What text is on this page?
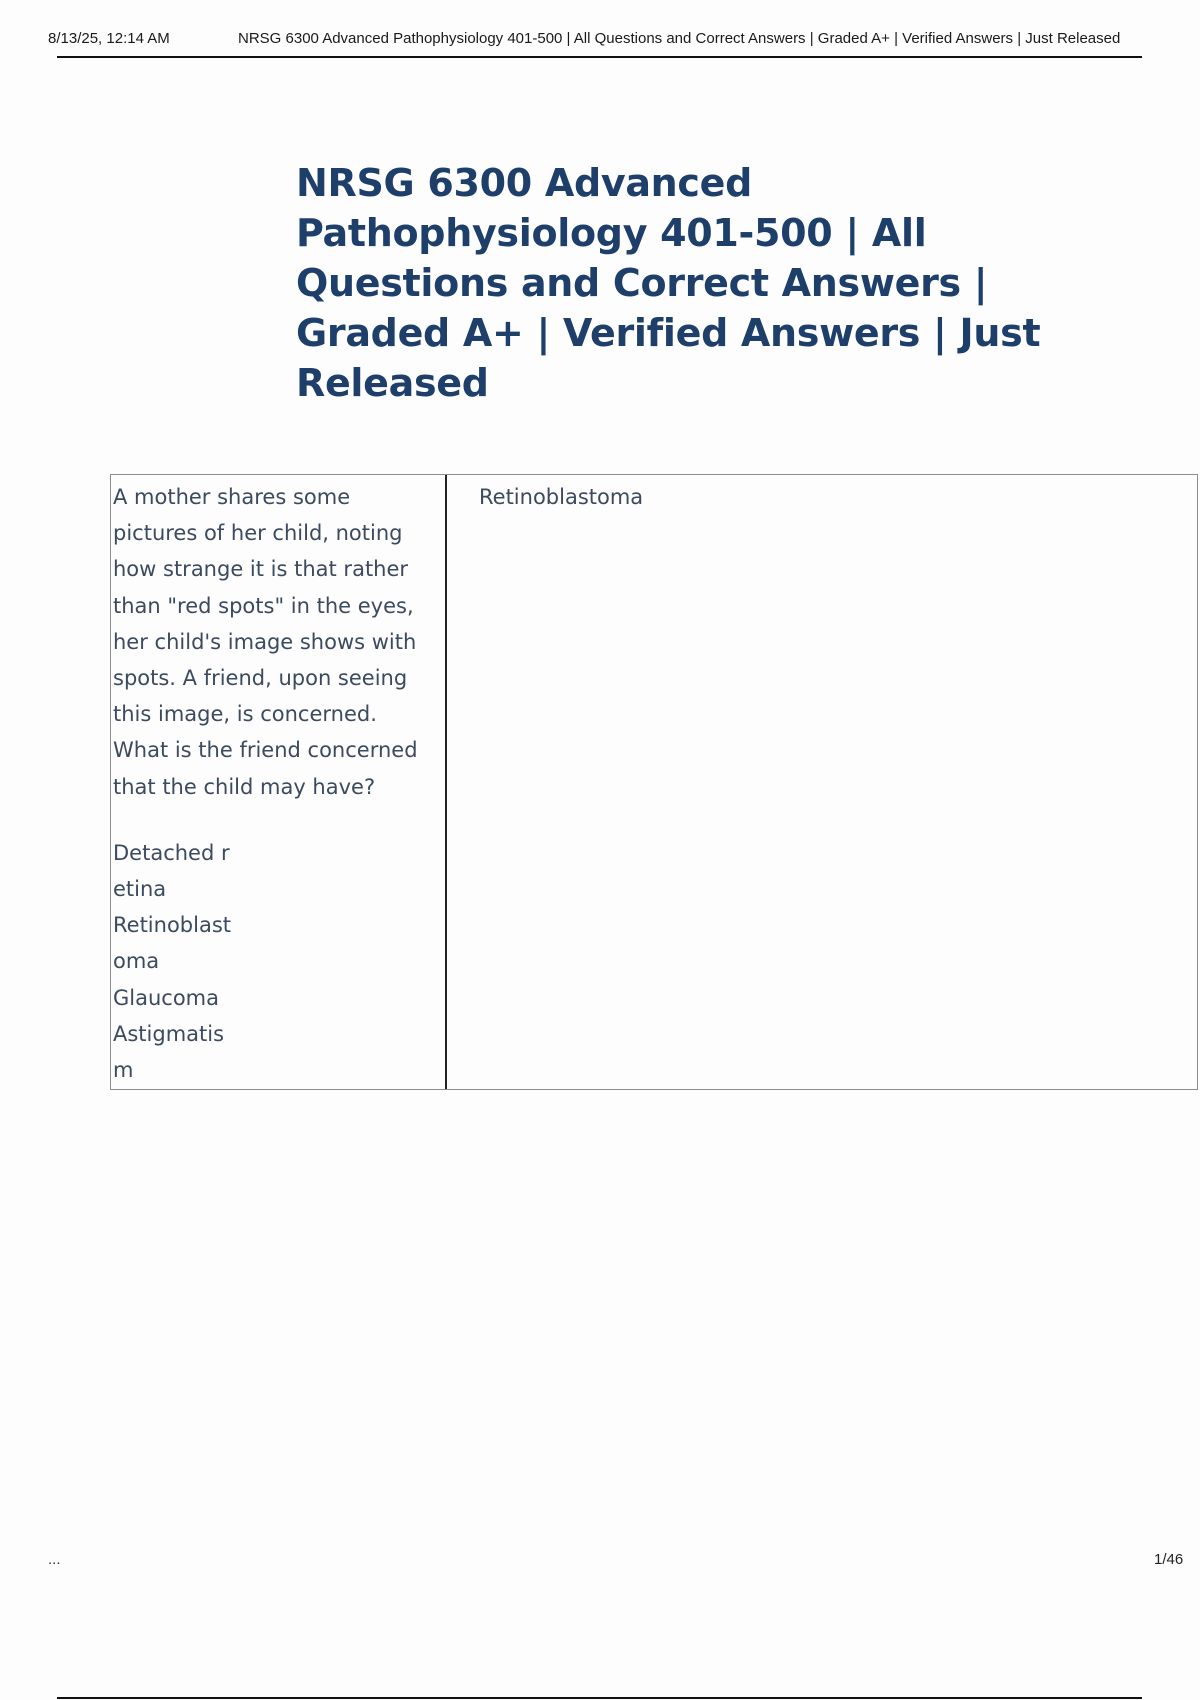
8/13/25, 12:14 AM	NRSG 6300 Advanced Pathophysiology 401-500 | All Questions and Correct Answers | Graded A+ | Verified Answers | Just Released
NRSG 6300 Advanced Pathophysiology 401-500 | All Questions and Correct Answers | Graded A+ | Verified Answers | Just Released

A mother shares some pictures of her child, noting how strange it is that rather than "red spots" in the eyes, her child's image shows with spots. A friend, upon seeing this image, is concerned. What is the friend concerned that the child may have?

Detached retina
Retinoblastoma
Glaucoma
Astigmatism
Retinoblastoma
...	1/46
